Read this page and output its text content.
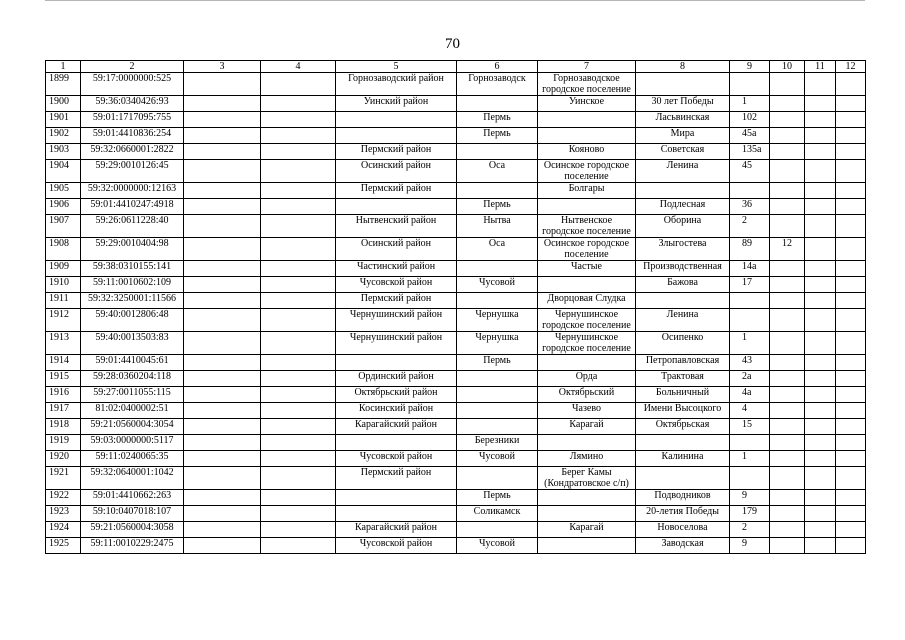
70
1	2	3	4	5	6	7	8	9	10	11	12
1899	59:17:0000000:525			Горнозаводский район	Горнозаводск	Горнозаводское городское поселение					
1900	59:36:0340426:93			Уинский район		Уинское	30 лет Победы	1			
1901	59:01:1717095:755				Пермь		Ласьвинская	102			
1902	59:01:4410836:254				Пермь		Мира	45а			
1903	59:32:0660001:2822			Пермский район		Кояново	Советская	135а			
1904	59:29:0010126:45			Осинский район	Оса	Осинское городское поселение	Ленина	45			
1905	59:32:0000000:12163			Пермский район		Болгары					
1906	59:01:4410247:4918				Пермь		Подлесная	36			
1907	59:26:0611228:40			Нытвенский район	Нытва	Нытвенское городское поселение	Оборина	2			
1908	59:29:0010404:98			Осинский район	Оса	Осинское городское поселение	Злыгостева	89	12		
1909	59:38:0310155:141			Частинский район		Частые	Производственная	14а			
1910	59:11:0010602:109			Чусовской район	Чусовой		Бажова	17			
1911	59:32:3250001:11566			Пермский район		Дворцовая Слудка					
1912	59:40:0012806:48			Чернушинский район	Чернушка	Чернушинское городское поселение	Ленина				
1913	59:40:0013503:83			Чернушинский район	Чернушка	Чернушинское городское поселение	Осипенко	1			
1914	59:01:4410045:61				Пермь		Петропавловская	43			
1915	59:28:0360204:118			Ординский район		Орда	Трактовая	2а			
1916	59:27:0011055:115			Октябрьский район		Октябрьский	Больничный	4а			
1917	81:02:0400002:51			Косинский район		Чазево	Имени Высоцкого	4			
1918	59:21:0560004:3054			Карагайский район		Карагай	Октябрьская	15			
1919	59:03:0000000:5117				Березники						
1920	59:11:0240065:35			Чусовской район	Чусовой	Лямино	Калинина	1			
1921	59:32:0640001:1042			Пермский район		Берег Камы (Кондратовское с/п)					
1922	59:01:4410662:263				Пермь		Подводников	9			
1923	59:10:0407018:107				Соликамск		20-летия Победы	179			
1924	59:21:0560004:3058			Карагайский район		Карагай	Новоселова	2			
1925	59:11:0010229:2475			Чусовской район	Чусовой		Заводская	9			
